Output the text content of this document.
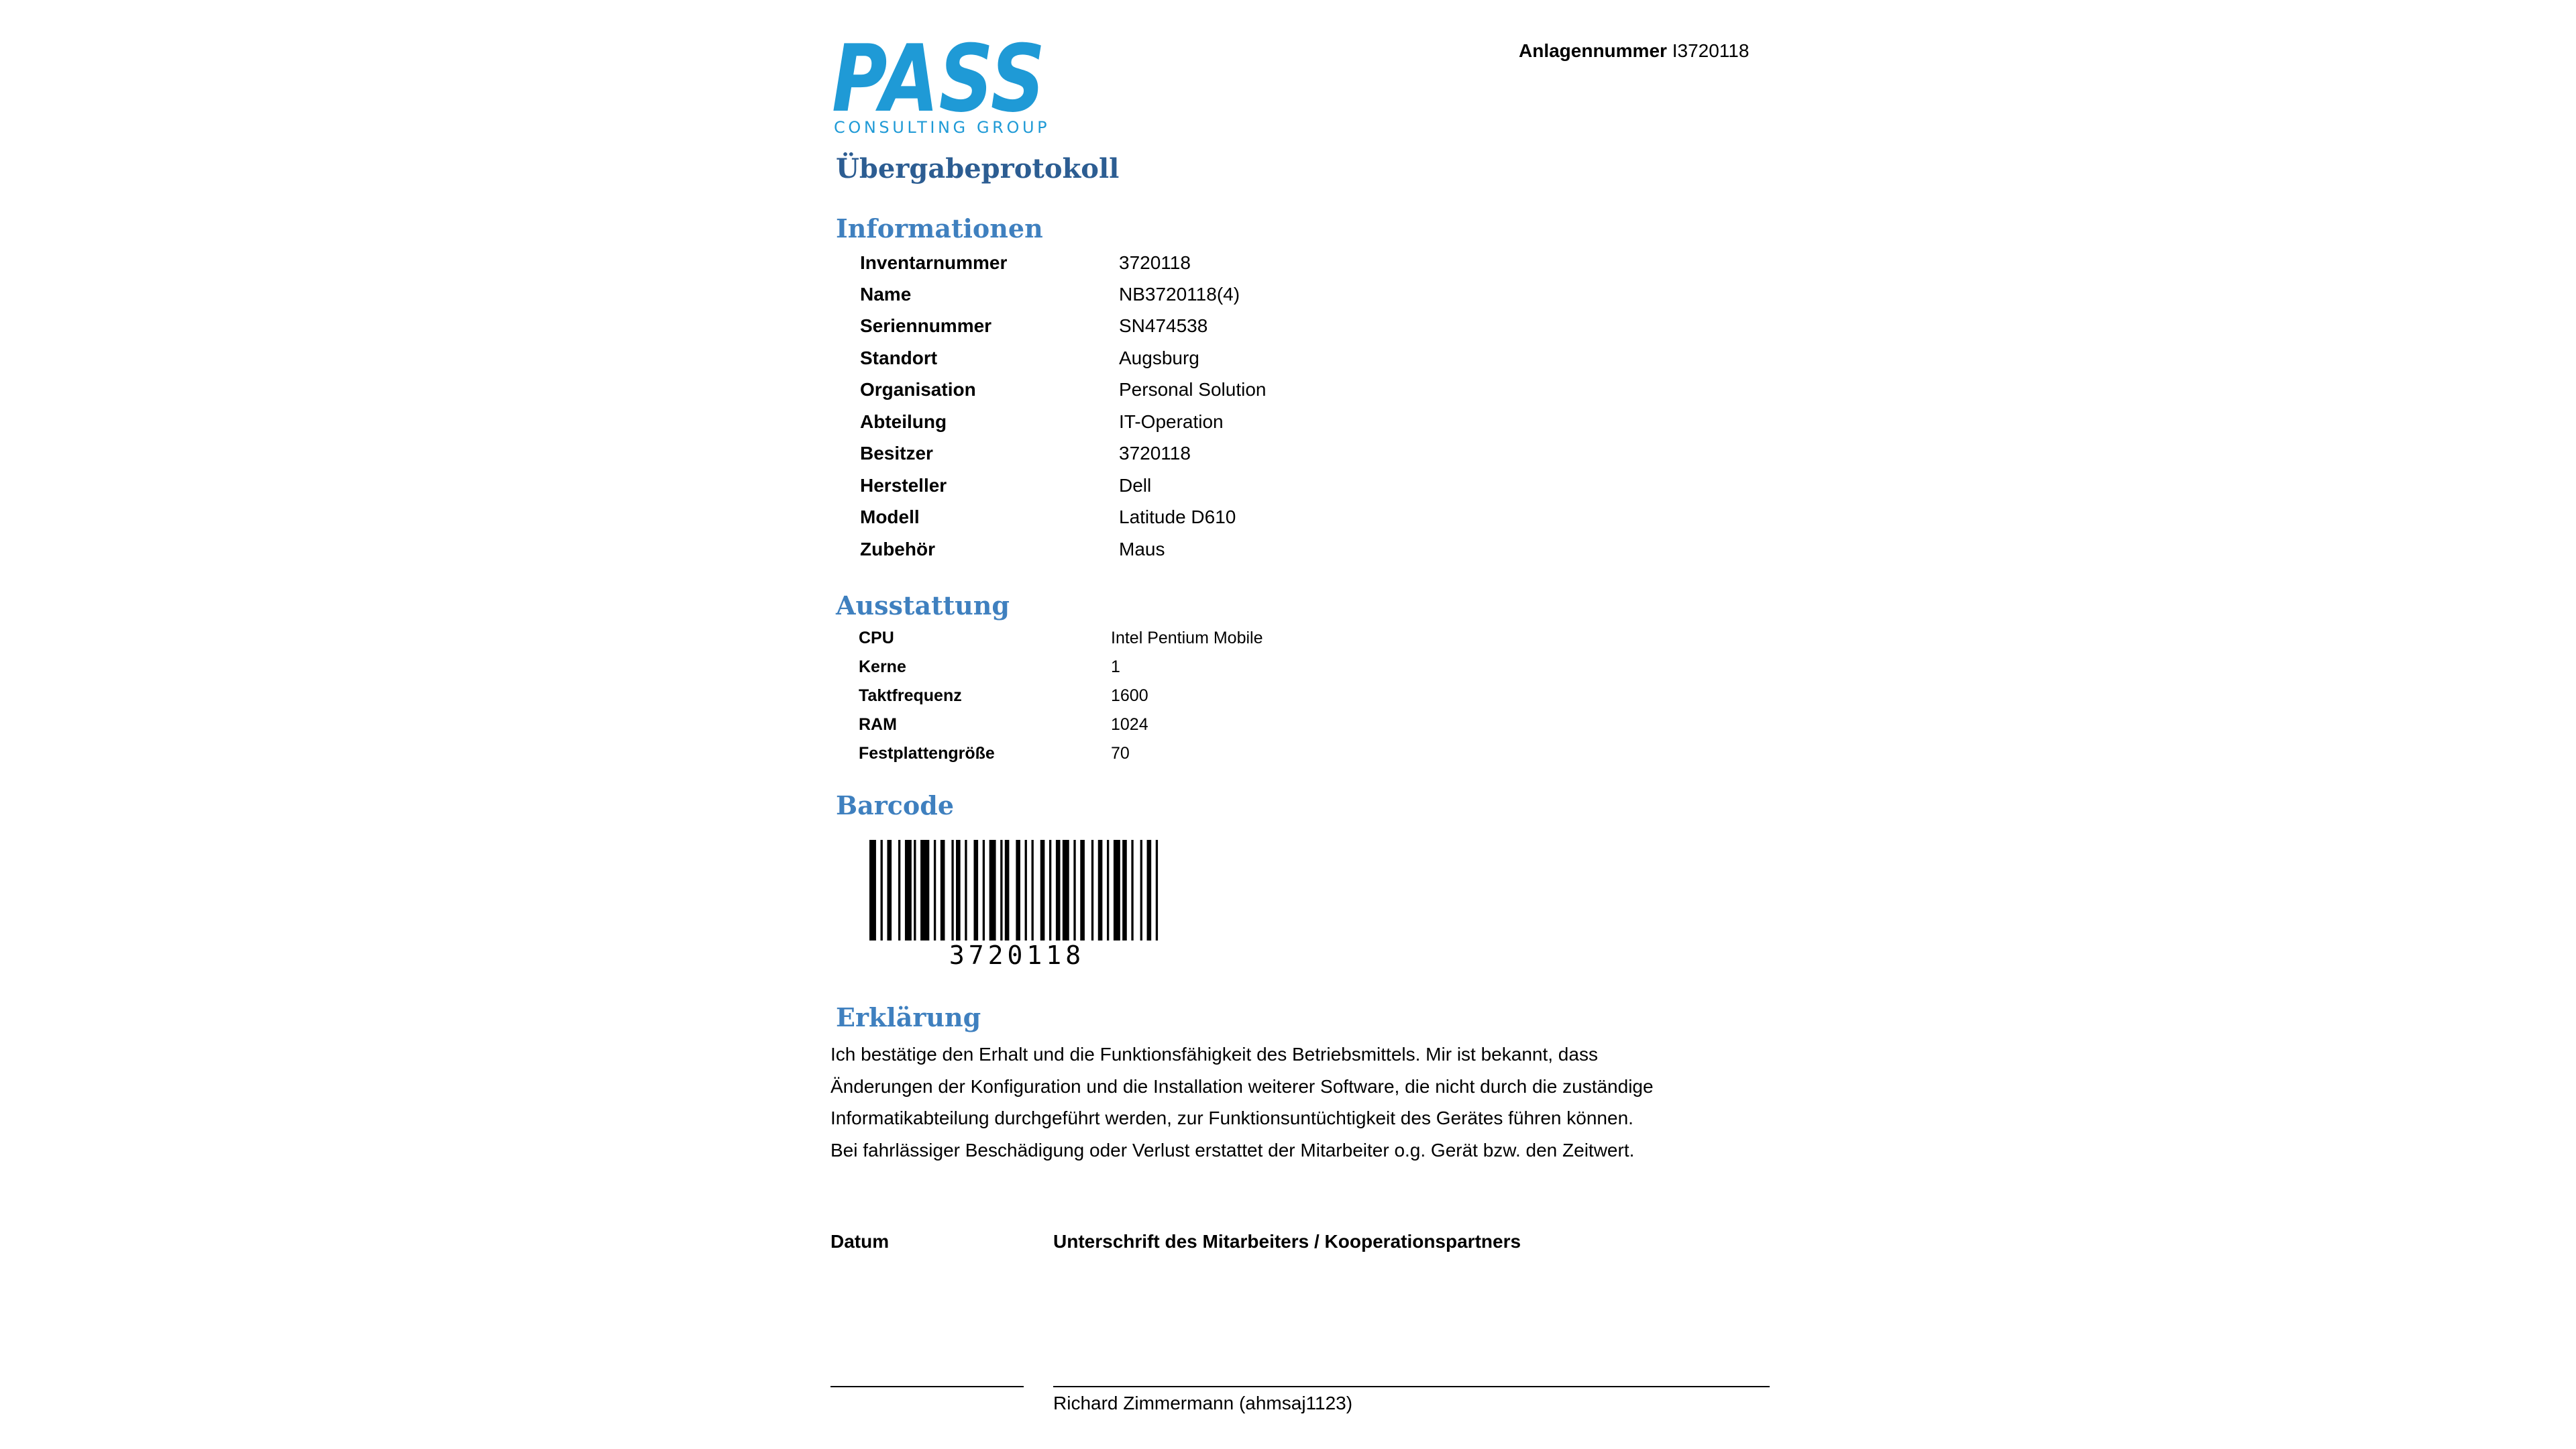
PASS
CONSULTING GROUP
Anlagennummer I3720118
Übergabeprotokoll
Informationen
Inventarnummer	3720118
Name	NB3720118(4)
Seriennummer	SN474538
Standort	Augsburg
Organisation	Personal Solution
Abteilung	IT-Operation
Besitzer	3720118
Hersteller	Dell
Modell	Latitude D610
Zubehör	Maus
Ausstattung
CPU	Intel Pentium Mobile
Kerne	1
Taktfrequenz	1600
RAM	1024
Festplattengröße	70
Barcode
3720118
Erklärung
Ich bestätige den Erhalt und die Funktionsfähigkeit des Betriebsmittels. Mir ist bekannt, dass
Änderungen der Konfiguration und die Installation weiterer Software, die nicht durch die zuständige
Informatikabteilung durchgeführt werden, zur Funktionsuntüchtigkeit des Gerätes führen können.
Bei fahrlässiger Beschädigung oder Verlust erstattet der Mitarbeiter o.g. Gerät bzw. den Zeitwert.
Datum	Unterschrift des Mitarbeiters / Kooperationspartners
Richard Zimmermann (ahmsaj1123)
